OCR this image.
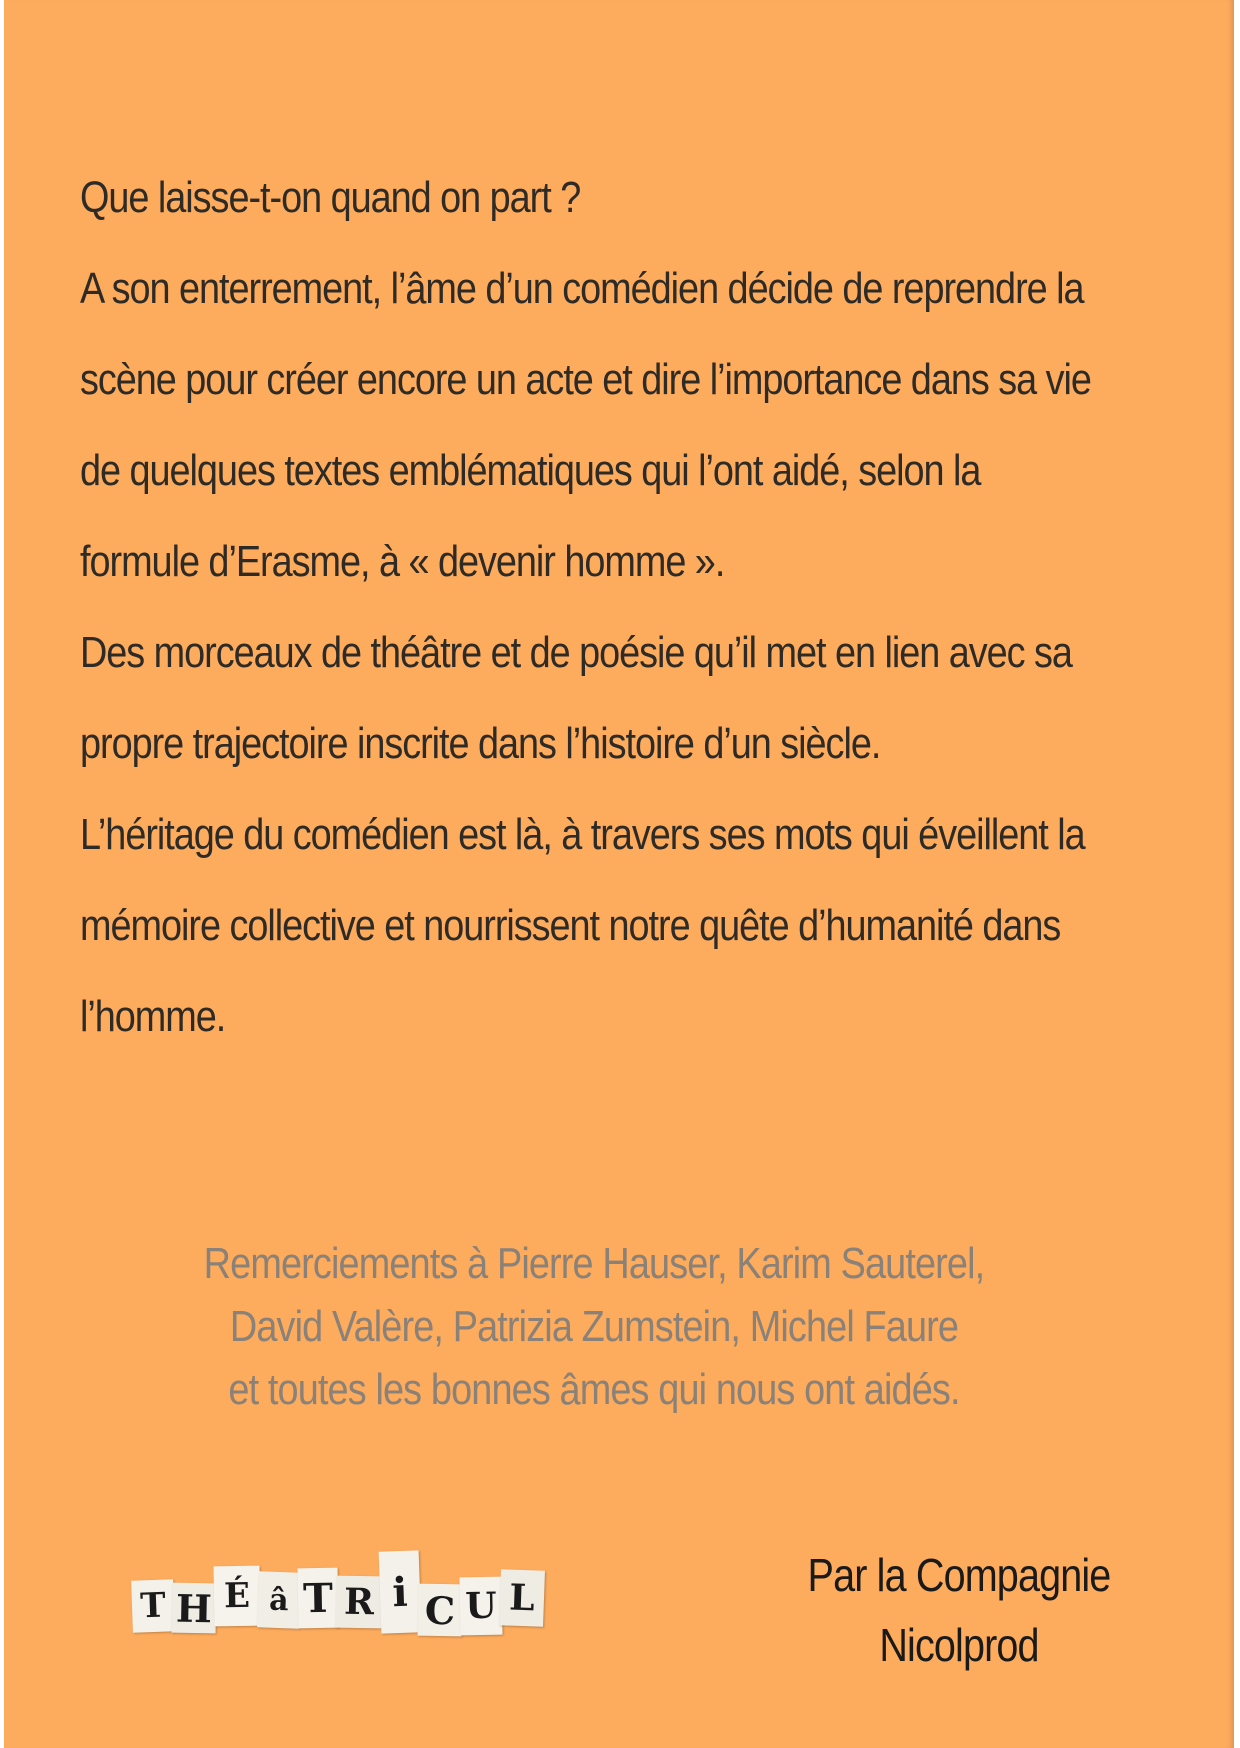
Que laisse-t-on quand on part ?

A son enterrement, l’âme d’un comédien décide de reprendre la

scène pour créer encore un acte et dire l’importance dans sa vie

de quelques textes emblématiques qui l’ont aidé, selon la

formule d’Erasme, à « devenir homme ».

Des morceaux de théâtre et de poésie qu’il met en lien avec sa

propre trajectoire inscrite dans l’histoire d’un siècle.

L’héritage du comédien est là, à travers ses mots qui éveillent la

mémoire collective et nourrissent notre quête d’humanité dans

l’homme.

Remerciements à Pierre Hauser, Karim Sauterel,

David Valère, Patrizia Zumstein, Michel Faure

et toutes les bonnes âmes qui nous ont aidés.

T H É â T R i C U L	Par la Compagnie

Nicolprod
